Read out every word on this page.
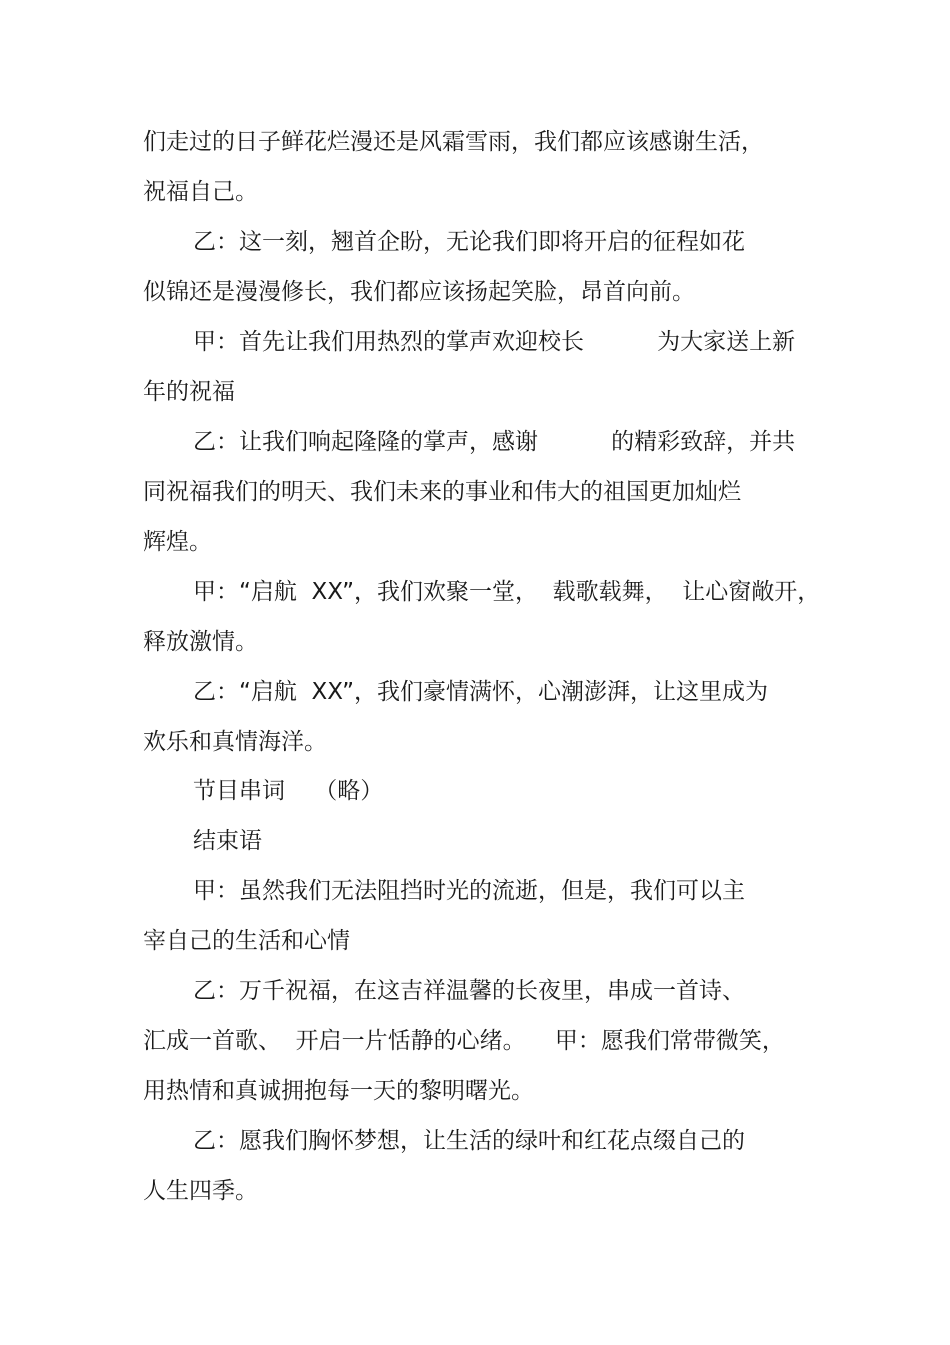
们走过的日子鲜花烂漫还是风霜雪雨，我们都应该感谢生活，

祝福自己。

乙：这一刻，翘首企盼，无论我们即将开启的征程如花

似锦还是漫漫修长，我们都应该扬起笑脸，昂首向前。

甲：首先让我们用热烈的掌声欢迎校长          为大家送上新

年的祝福

乙：让我们响起隆隆的掌声，感谢          的精彩致辞，并共

同祝福我们的明天、我们未来的事业和伟大的祖国更加灿烂

辉煌。

甲：“启航  XX”，我们欢聚一堂，  载歌载舞，  让心窗敞开，

释放激情。

乙：“启航  XX”，我们豪情满怀，心潮澎湃，让这里成为

欢乐和真情海洋。

节目串词    （略）

结束语

甲：虽然我们无法阻挡时光的流逝，但是，我们可以主

宰自己的生活和心情

乙：万千祝福，在这吉祥温馨的长夜里，串成一首诗、

汇成一首歌、  开启一片恬静的心绪。    甲：愿我们常带微笑，

用热情和真诚拥抱每一天的黎明曙光。

乙：愿我们胸怀梦想，让生活的绿叶和红花点缀自己的

人生四季。
